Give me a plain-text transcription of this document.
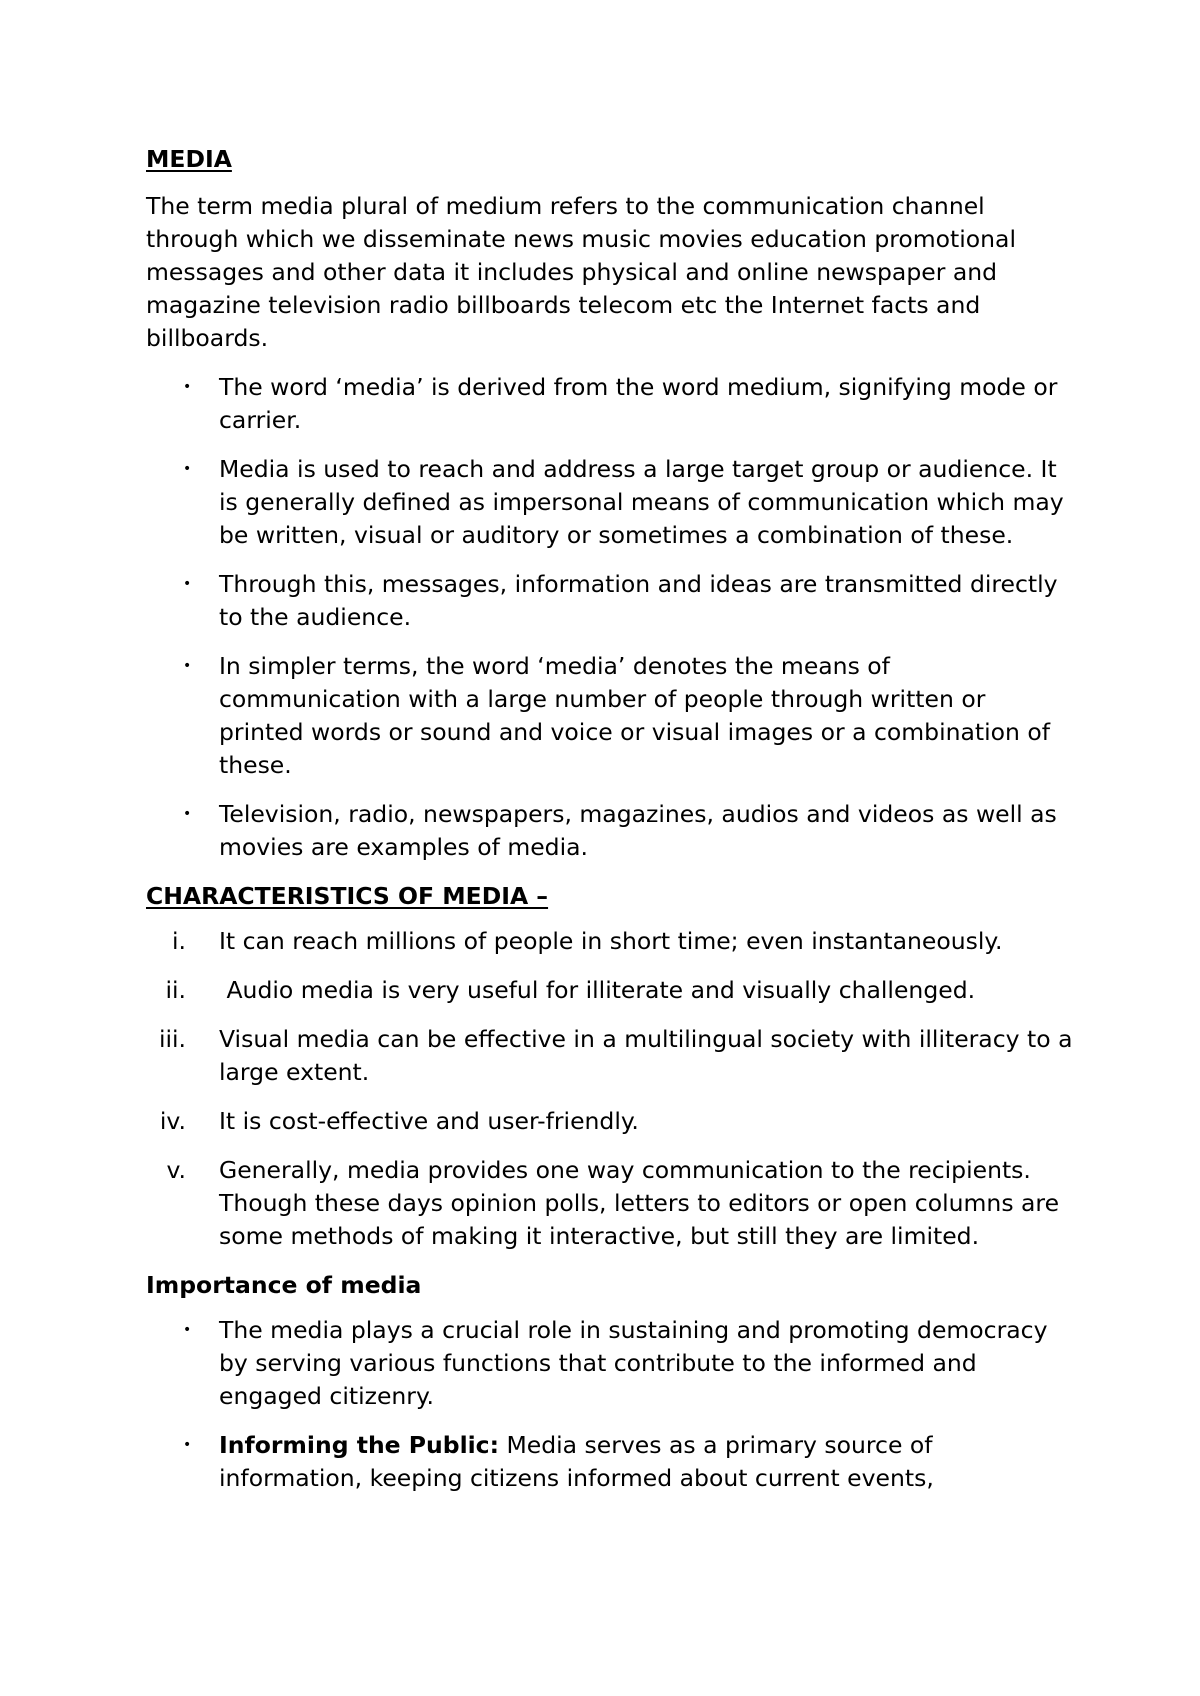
MEDIA
The term media plural of medium refers to the communication channel through which we disseminate news music movies education promotional messages and other data it includes physical and online newspaper and magazine television radio billboards telecom etc the Internet facts and billboards.
•	The word ‘media’ is derived from the word medium, signifying mode or carrier.
•	Media is used to reach and address a large target group or audience. It is generally defined as impersonal means of communication which may be written, visual or auditory or sometimes a combination of these.
•	Through this, messages, information and ideas are transmitted directly to the audience.
•	In simpler terms, the word ‘media’ denotes the means of communication with a large number of people through written or printed words or sound and voice or visual images or a combination of these.
•	Television, radio, newspapers, magazines, audios and videos as well as movies are examples of media.
CHARACTERISTICS OF MEDIA –
i. It can reach millions of people in short time; even instantaneously.
ii. Audio media is very useful for illiterate and visually challenged.
iii. Visual media can be effective in a multilingual society with illiteracy to a large extent.
iv. It is cost-effective and user-friendly.
v. Generally, media provides one way communication to the recipients. Though these days opinion polls, letters to editors or open columns are some methods of making it interactive, but still they are limited.
Importance of media
•	The media plays a crucial role in sustaining and promoting democracy by serving various functions that contribute to the informed and engaged citizenry.
•	Informing the Public: Media serves as a primary source of information, keeping citizens informed about current events,
